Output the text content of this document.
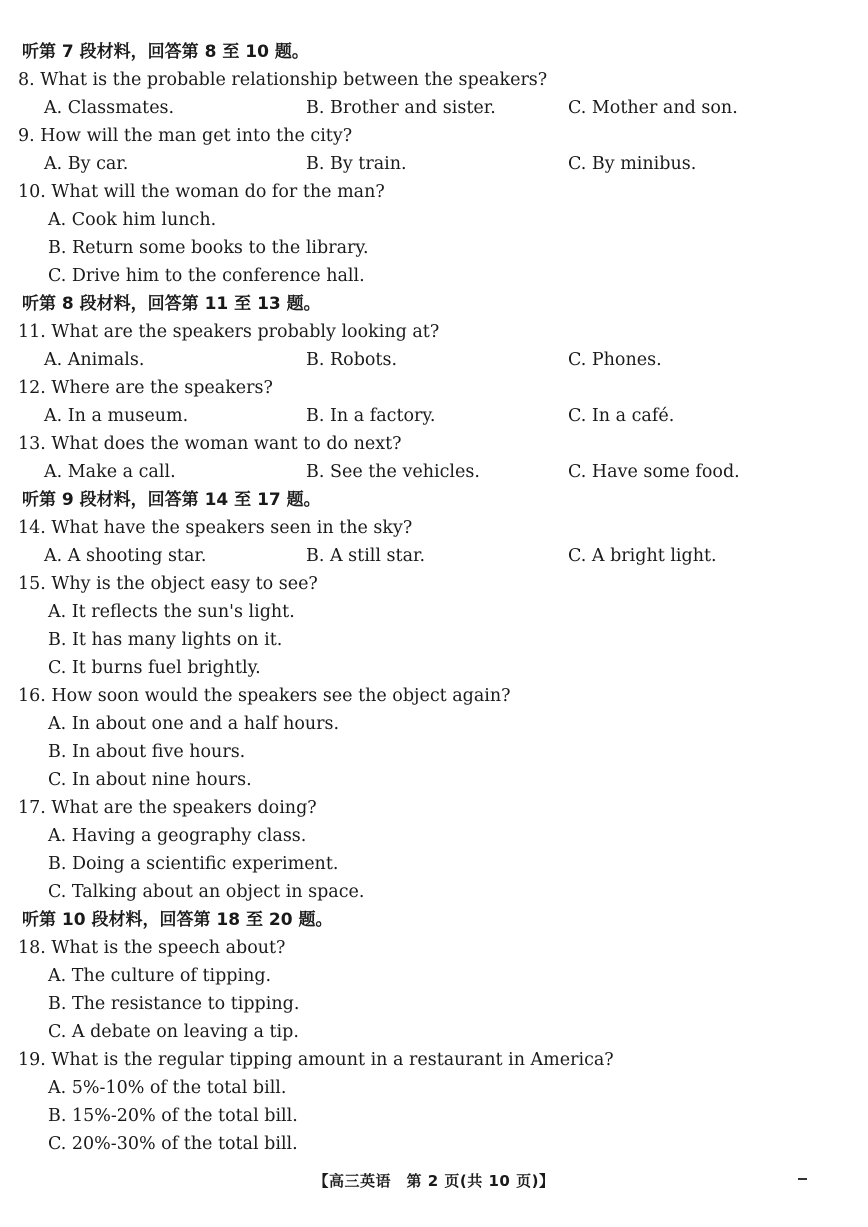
听第 7 段材料，回答第 8 至 10 题。
8. What is the probable relationship between the speakers?
A. Classmates.	B. Brother and sister.	C. Mother and son.
9. How will the man get into the city?
A. By car.	B. By train.	C. By minibus.
10. What will the woman do for the man?
A. Cook him lunch.
B. Return some books to the library.
C. Drive him to the conference hall.
听第 8 段材料，回答第 11 至 13 题。
11. What are the speakers probably looking at?
A. Animals.	B. Robots.	C. Phones.
12. Where are the speakers?
A. In a museum.	B. In a factory.	C. In a café.
13. What does the woman want to do next?
A. Make a call.	B. See the vehicles.	C. Have some food.
听第 9 段材料，回答第 14 至 17 题。
14. What have the speakers seen in the sky?
A. A shooting star.	B. A still star.	C. A bright light.
15. Why is the object easy to see?
A. It reflects the sun's light.
B. It has many lights on it.
C. It burns fuel brightly.
16. How soon would the speakers see the object again?
A. In about one and a half hours.
B. In about five hours.
C. In about nine hours.
17. What are the speakers doing?
A. Having a geography class.
B. Doing a scientific experiment.
C. Talking about an object in space.
听第 10 段材料，回答第 18 至 20 题。
18. What is the speech about?
A. The culture of tipping.
B. The resistance to tipping.
C. A debate on leaving a tip.
19. What is the regular tipping amount in a restaurant in America?
A. 5%-10% of the total bill.
B. 15%-20% of the total bill.
C. 20%-30% of the total bill.
【高三英语　第 2 页(共 10 页)】
